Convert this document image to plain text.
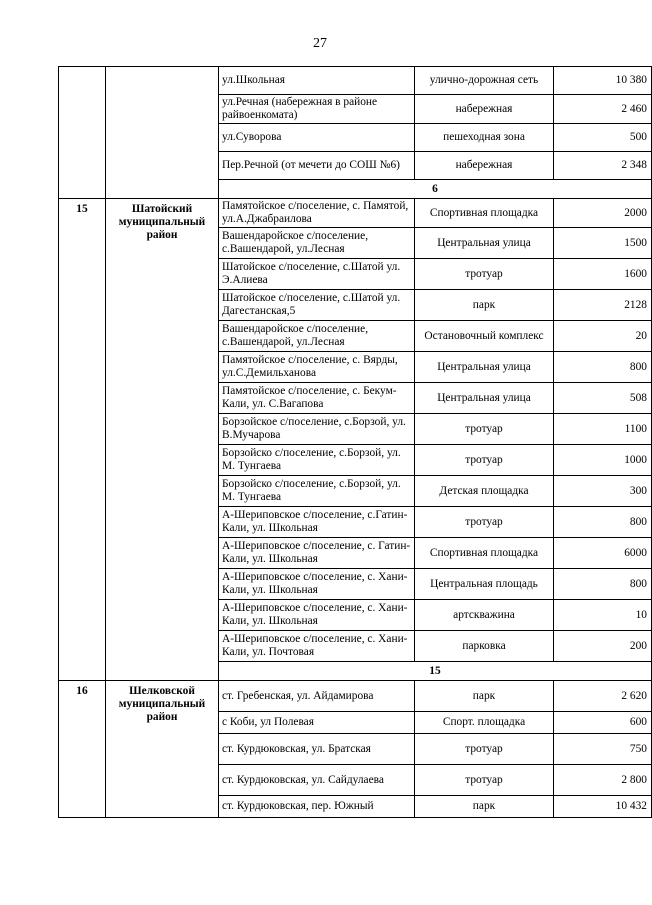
27
		ул.Школьная	улично-дорожная сеть	10 380
		ул.Речная (набережная в районе райвоенкомата)	набережная	2 460
		ул.Суворова	пешеходная зона	500
		Пер.Речной (от мечети до СОШ №6)	набережная	2 348
		6		
15	Шатойский муниципальный район	Памятойское с/поселение, с. Памятой, ул.А.Джабраилова	Спортивная площадка	2000
		Вашендаройское с/поселение, с.Вашендарой, ул.Лесная	Центральная улица	1500
		Шатойское с/поселение, с.Шатой ул. Э.Алиева	тротуар	1600
		Шатойское с/поселение, с.Шатой ул. Дагестанская,5	парк	2128
		Вашендаройское с/поселение, с.Вашендарой, ул.Лесная	Остановочный комплекс	20
		Памятойское с/поселение, с. Вярды, ул.С.Демильханова	Центральная улица	800
		Памятойское с/поселение, с. Бекум-Кали, ул. С.Вагапова	Центральная улица	508
		Борзойское с/поселение, с.Борзой, ул. В.Мучарова	тротуар	1100
		Борзойско с/поселение, с.Борзой, ул. М. Тунгаева	тротуар	1000
		Борзойско с/поселение, с.Борзой, ул. М. Тунгаева	Детская площадка	300
		А-Шериповское с/поселение, с.Гатин-Кали, ул. Школьная	тротуар	800
		А-Шериповское с/поселение, с. Гатин-Кали, ул. Школьная	Спортивная площадка	6000
		А-Шериповское с/поселение, с. Хани-Кали, ул. Школьная	Центральная площадь	800
		А-Шериповское с/поселение, с. Хани-Кали, ул. Школьная	артскважина	10
		А-Шериповское с/поселение, с. Хани-Кали, ул. Почтовая	парковка	200
		15		
16	Шелковской муниципальный район	ст. Гребенская, ул. Айдамирова	парк	2 620
		с Коби, ул Полевая	Спорт. площадка	600
		ст. Курдюковская, ул. Братская	тротуар	750
		ст. Курдюковская, ул. Сайдулаева	тротуар	2 800
		ст. Курдюковская, пер. Южный	парк	10 432
